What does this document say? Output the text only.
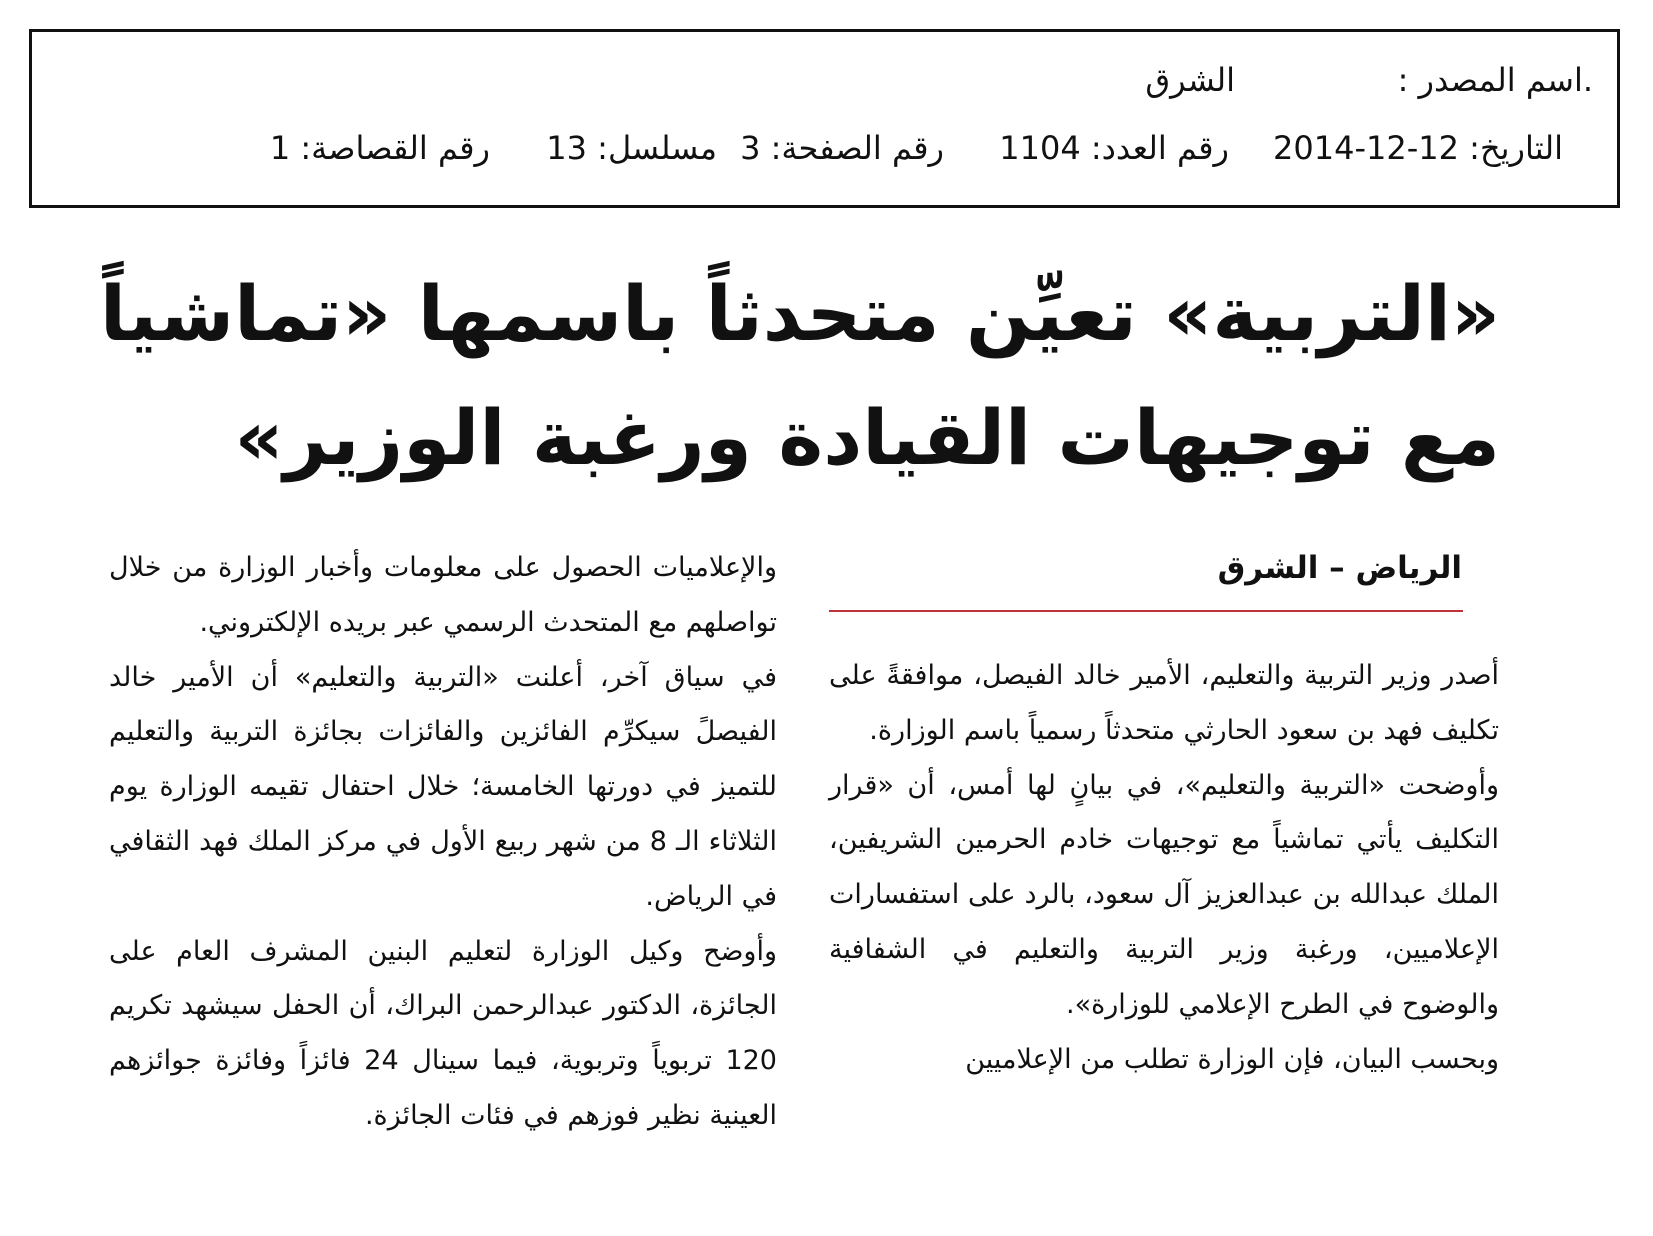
.اسم المصدر :
الشرق
التاريخ: 12-12-2014
رقم العدد: 1104
رقم الصفحة: 3
مسلسل: 13
رقم القصاصة: 1
«التربية» تعيِّن متحدثاً باسمها «تماشياً
مع توجيهات القيادة ورغبة الوزير»
الرياض – الشرق

أصدر وزير التربية والتعليم، الأمير خالد الفيصل، موافقةً على تكليف فهد بن سعود الحارثي متحدثاً رسمياً باسم الوزارة.

وأوضحت «التربية والتعليم»، في بيانٍ لها أمس، أن «قرار التكليف يأتي تماشياً مع توجيهات خادم الحرمين الشريفين، الملك عبدالله بن عبدالعزيز آل سعود، بالرد على استفسارات الإعلاميين، ورغبة وزير التربية والتعليم في الشفافية والوضوح في الطرح الإعلامي للوزارة».

وبحسب البيان، فإن الوزارة تطلب من الإعلاميين

والإعلاميات الحصول على معلومات وأخبار الوزارة من خلال تواصلهم مع المتحدث الرسمي عبر بريده الإلكتروني.

في سياق آخر، أعلنت «التربية والتعليم» أن الأمير خالد الفيصلً سيكرِّم الفائزين والفائزات بجائزة التربية والتعليم للتميز في دورتها الخامسة؛ خلال احتفال تقيمه الوزارة يوم الثلاثاء الـ 8 من شهر ربيع الأول في مركز الملك فهد الثقافي في الرياض.

وأوضح وكيل الوزارة لتعليم البنين المشرف العام على الجائزة، الدكتور عبدالرحمن البراك، أن الحفل سيشهد تكريم 120 تربوياً وتربوية، فيما سينال 24 فائزاً وفائزة جوائزهم العينية نظير فوزهم في فئات الجائزة.
